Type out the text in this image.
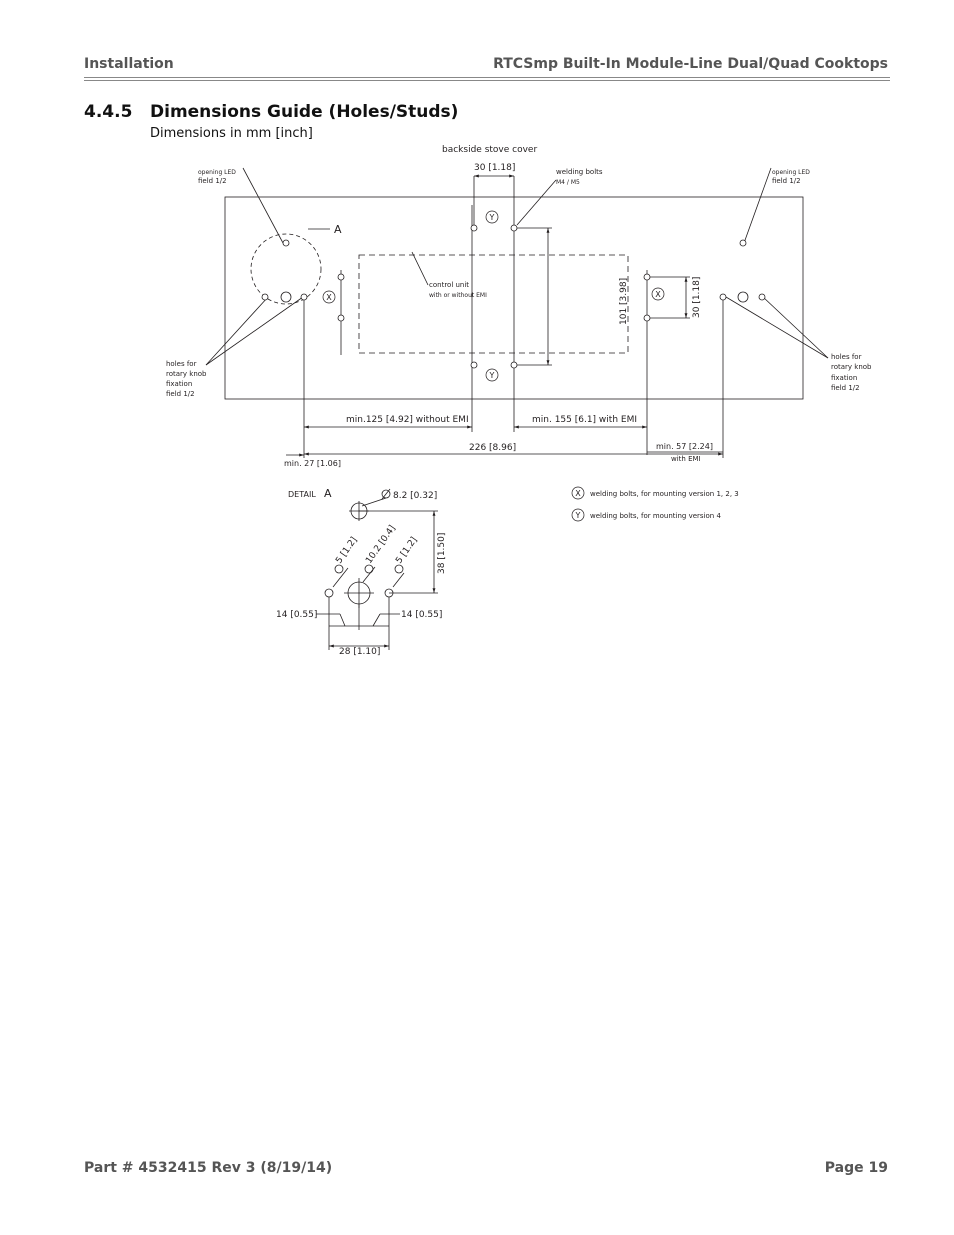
Installation	RTCSmp Built-In Module-Line Dual/Quad Cooktops
4.4.5 Dimensions Guide (Holes/Studs)
Dimensions in mm [inch]
X	X
Y
Y
backside stove cover
30 [1.18]	welding bolts
M4 / M5
opening LED
field 1/2
opening LED
field 1/2
A
control unit
with or without EMI	101 [3.98]	30 [1.18]
holes for
rotary knob
fixation
field 1/2
holes for
rotary knob
fixation
field 1/2
min.125 [4.92] without EMI	min. 155 [6.1] with EMI
226 [8.96]	min. 57 [2.24]
with EMI
min. 27 [1.06]
DETAIL A	8.2 [0.32]
5 [1.2] 10.2 [0.4]
5 [1.2] 38 [1.50]
14 [0.55]	14 [0.55]
28 [1.10]
X welding bolts, for mounting version 1, 2, 3
Y welding bolts, for mounting version 4
Part # 4532415 Rev 3 (8/19/14)	Page 19
